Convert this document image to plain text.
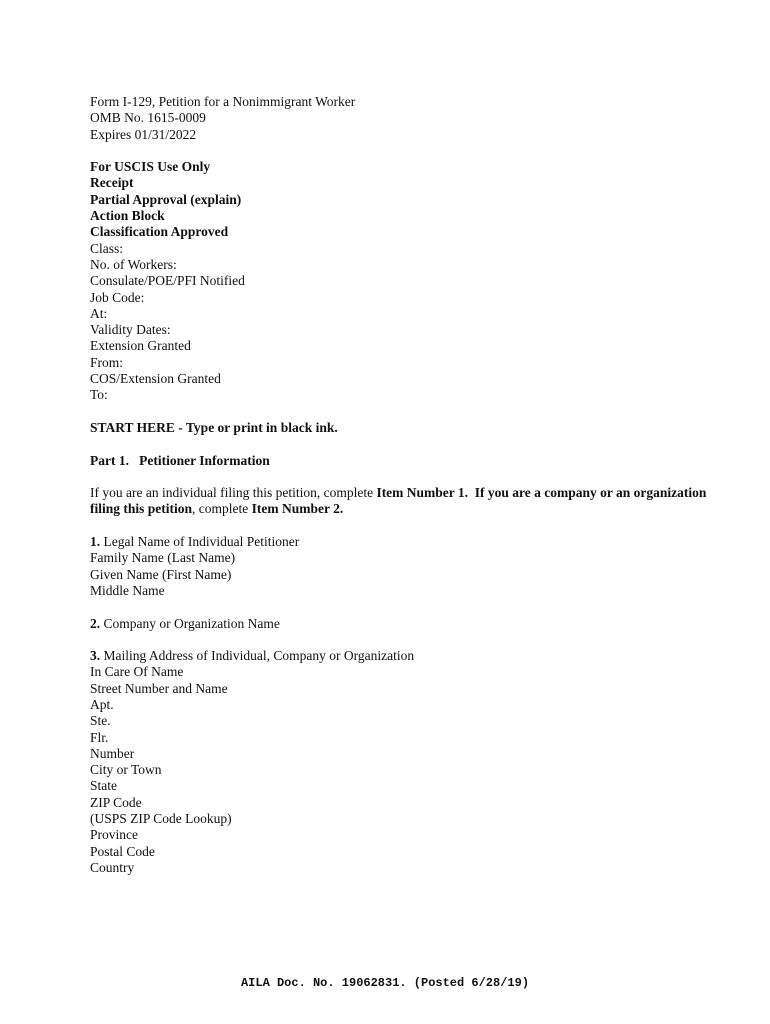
Form I-129, Petition for a Nonimmigrant Worker
OMB No. 1615-0009
Expires 01/31/2022
For USCIS Use Only
Receipt
Partial Approval (explain)
Action Block
Classification Approved
Class:
No. of Workers:
Consulate/POE/PFI Notified
Job Code:
At:
Validity Dates:
Extension Granted
From:
COS/Extension Granted
To:
START HERE - Type or print in black ink.
Part 1.   Petitioner Information
If you are an individual filing this petition, complete Item Number 1.  If you are a company or an organization filing this petition, complete Item Number 2.
1. Legal Name of Individual Petitioner
Family Name (Last Name)
Given Name (First Name)
Middle Name
2. Company or Organization Name
3. Mailing Address of Individual, Company or Organization
In Care Of Name
Street Number and Name
Apt.
Ste.
Flr.
Number
City or Town
State
ZIP Code
(USPS ZIP Code Lookup)
Province
Postal Code
Country
AILA Doc. No. 19062831. (Posted 6/28/19)
